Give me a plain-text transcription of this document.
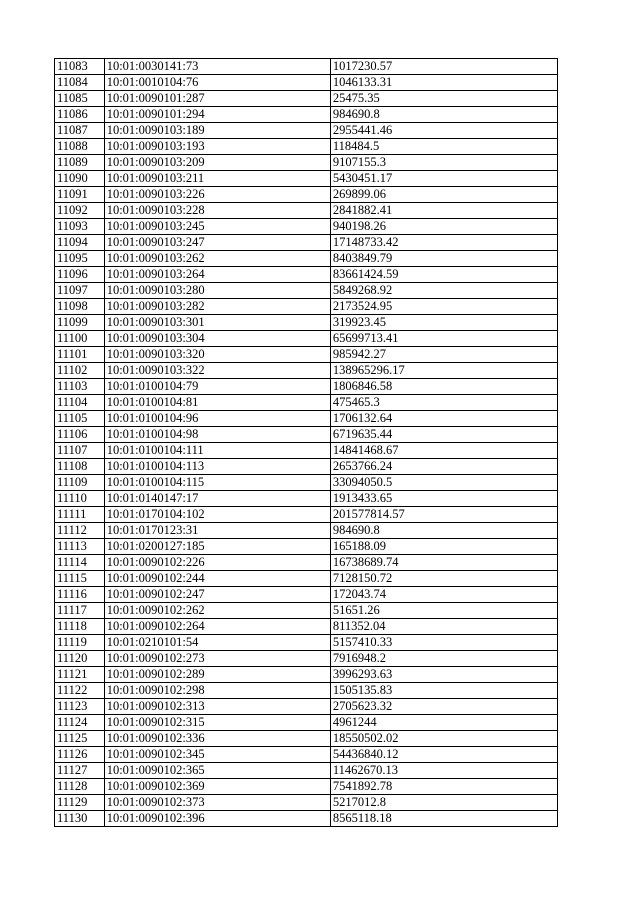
11083	10:01:0030141:73	1017230.57
11084	10:01:0010104:76	1046133.31
11085	10:01:0090101:287	25475.35
11086	10:01:0090101:294	984690.8
11087	10:01:0090103:189	2955441.46
11088	10:01:0090103:193	118484.5
11089	10:01:0090103:209	9107155.3
11090	10:01:0090103:211	5430451.17
11091	10:01:0090103:226	269899.06
11092	10:01:0090103:228	2841882.41
11093	10:01:0090103:245	940198.26
11094	10:01:0090103:247	17148733.42
11095	10:01:0090103:262	8403849.79
11096	10:01:0090103:264	83661424.59
11097	10:01:0090103:280	5849268.92
11098	10:01:0090103:282	2173524.95
11099	10:01:0090103:301	319923.45
11100	10:01:0090103:304	65699713.41
11101	10:01:0090103:320	985942.27
11102	10:01:0090103:322	138965296.17
11103	10:01:0100104:79	1806846.58
11104	10:01:0100104:81	475465.3
11105	10:01:0100104:96	1706132.64
11106	10:01:0100104:98	6719635.44
11107	10:01:0100104:111	14841468.67
11108	10:01:0100104:113	2653766.24
11109	10:01:0100104:115	33094050.5
11110	10:01:0140147:17	1913433.65
11111	10:01:0170104:102	201577814.57
11112	10:01:0170123:31	984690.8
11113	10:01:0200127:185	165188.09
11114	10:01:0090102:226	16738689.74
11115	10:01:0090102:244	7128150.72
11116	10:01:0090102:247	172043.74
11117	10:01:0090102:262	51651.26
11118	10:01:0090102:264	811352.04
11119	10:01:0210101:54	5157410.33
11120	10:01:0090102:273	7916948.2
11121	10:01:0090102:289	3996293.63
11122	10:01:0090102:298	1505135.83
11123	10:01:0090102:313	2705623.32
11124	10:01:0090102:315	4961244
11125	10:01:0090102:336	18550502.02
11126	10:01:0090102:345	54436840.12
11127	10:01:0090102:365	11462670.13
11128	10:01:0090102:369	7541892.78
11129	10:01:0090102:373	5217012.8
11130	10:01:0090102:396	8565118.18
